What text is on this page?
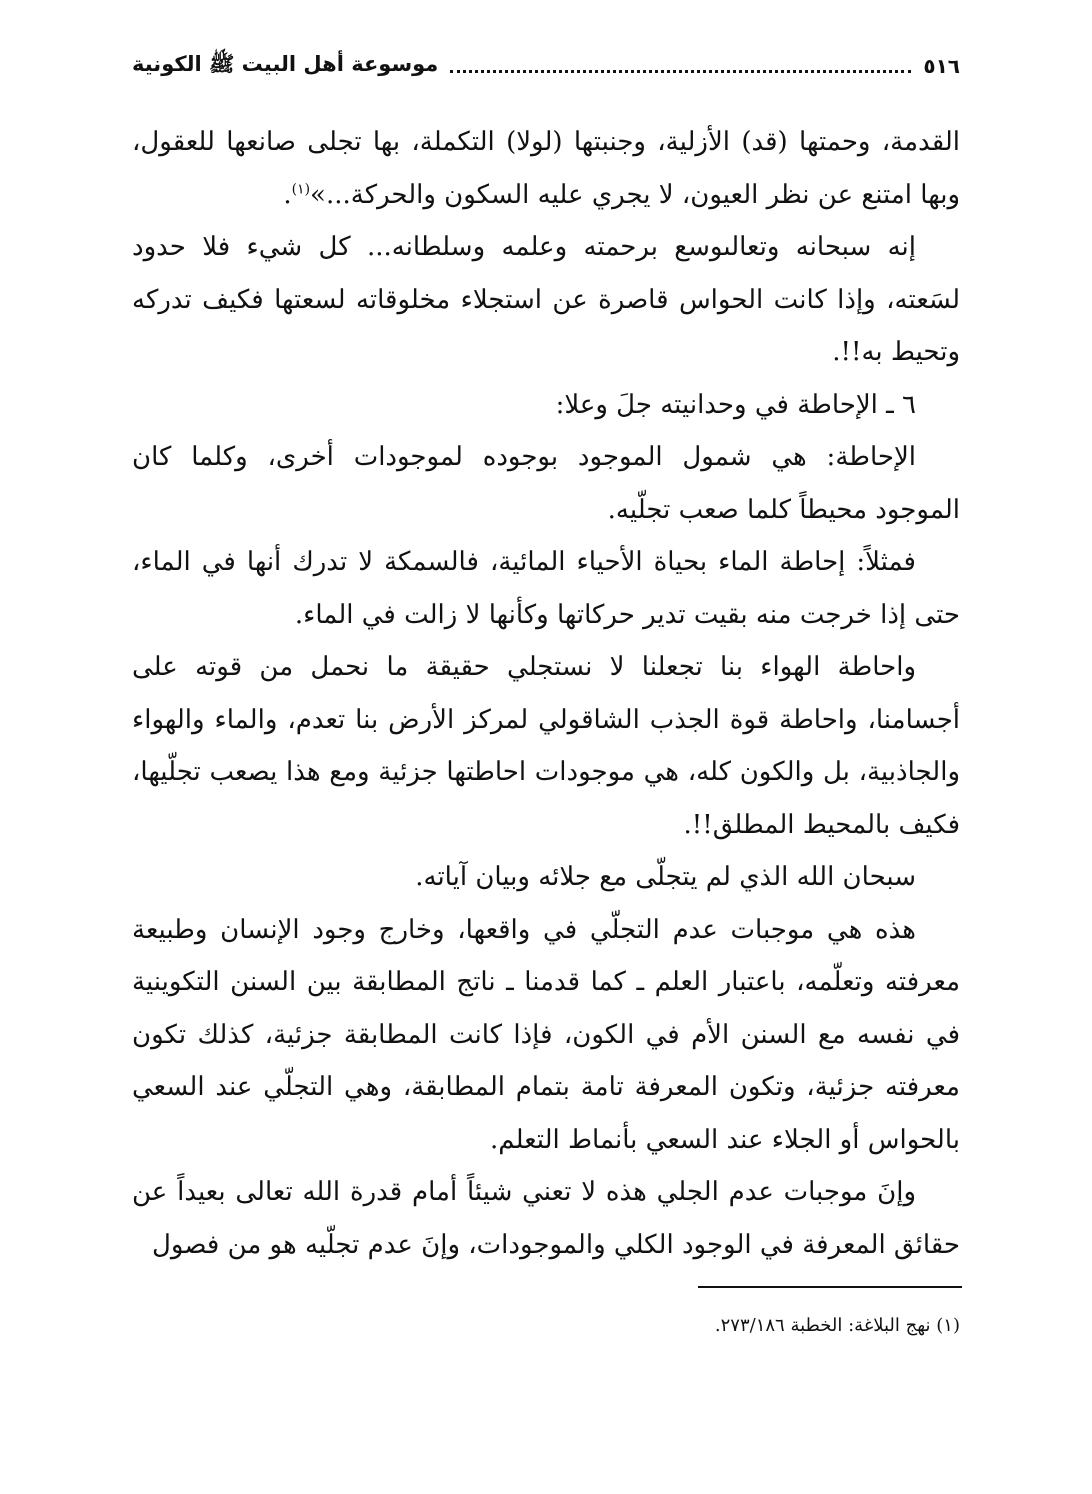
٥١٦
موسوعة أهل البيت ﷺ الكونية

القدمة، وحمتها (قد) الأزلية، وجنبتها (لولا) التكملة، بها تجلى صانعها للعقول، وبها امتنع عن نظر العيون، لا يجري عليه السكون والحركة...»$^{(١)}$.

إنه سبحانه وتعالىوسع برحمته وعلمه وسلطانه... كل شيء فلا حدود لسَعته، وإذا كانت الحواس قاصرة عن استجلاء مخلوقاته لسعتها فكيف تدركه وتحيط به!!.

٦ ـ الإحاطة في وحدانيته جلَ وعلا:

الإحاطة: هي شمول الموجود بوجوده لموجودات أخرى، وكلما كان الموجود محيطاً كلما صعب تجلّيه.

فمثلاً: إحاطة الماء بحياة الأحياء المائية، فالسمكة لا تدرك أنها في الماء، حتى إذا خرجت منه بقيت تدير حركاتها وكأنها لا زالت في الماء.

واحاطة الهواء بنا تجعلنا لا نستجلي حقيقة ما نحمل من قوته على أجسامنا، واحاطة قوة الجذب الشاقولي لمركز الأرض بنا تعدم، والماء والهواء والجاذبية، بل والكون كله، هي موجودات احاطتها جزئية ومع هذا يصعب تجلّيها، فكيف بالمحيط المطلق!!.

سبحان الله الذي لم يتجلّى مع جلائه وبيان آياته.

هذه هي موجبات عدم التجلّي في واقعها، وخارج وجود الإنسان وطبيعة معرفته وتعلّمه، باعتبار العلم ـ كما قدمنا ـ ناتج المطابقة بين السنن التكوينية في نفسه مع السنن الأم في الكون، فإذا كانت المطابقة جزئية، كذلك تكون معرفته جزئية، وتكون المعرفة تامة بتمام المطابقة، وهي التجلّي عند السعي بالحواس أو الجلاء عند السعي بأنماط التعلم.

وإنَ موجبات عدم الجلي هذه لا تعني شيئاً أمام قدرة الله تعالى بعيداً عن حقائق المعرفة في الوجود الكلي والموجودات، وإنَ عدم تجلّيه هو من فصول

(١) نهج البلاغة: الخطبة ٢٧٣/١٨٦.
